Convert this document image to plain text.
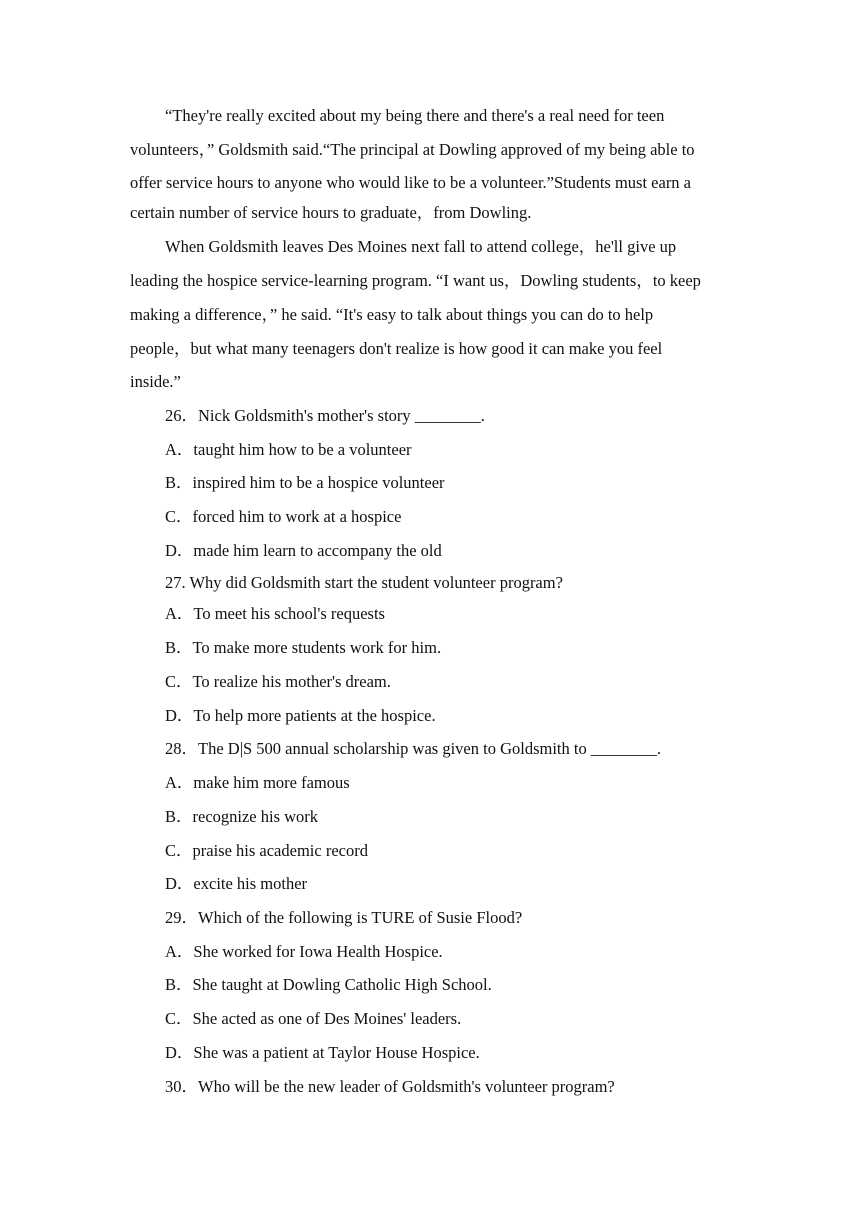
“They're really excited about my being there and there's a real need for teen
volunteers，” Goldsmith said.“The principal at Dowling approved of my being able to
offer service hours to anyone who would like to be a volunteer.”Students must earn a
certain number of service hours to graduate，from Dowling.
When Goldsmith leaves Des Moines next fall to attend college，he'll give up
leading the hospice service-learning program. “I want us，Dowling students，to keep
making a difference，” he said. “It's easy to talk about things you can do to help
people，but what many teenagers don't realize is how good it can make you feel
inside.”
26．Nick Goldsmith's mother's story ________.
A．taught him how to be a volunteer
B．inspired him to be a hospice volunteer
C．forced him to work at a hospice
D．made him learn to accompany the old
27. Why did Goldsmith start the student volunteer program?
A．To meet his school's requests
B．To make more students work for him.
C．To realize his mother's dream.
D．To help more patients at the hospice.
28．The D|S 500 annual scholarship was given to Goldsmith to ________.
A．make him more famous
B．recognize his work
C．praise his academic record
D．excite his mother
29．Which of the following is TURE of Susie Flood?
A．She worked for Iowa Health Hospice.
B．She taught at Dowling Catholic High School.
C．She acted as one of Des Moines' leaders.
D．She was a patient at Taylor House Hospice.
30．Who will be the new leader of Goldsmith's volunteer program?
